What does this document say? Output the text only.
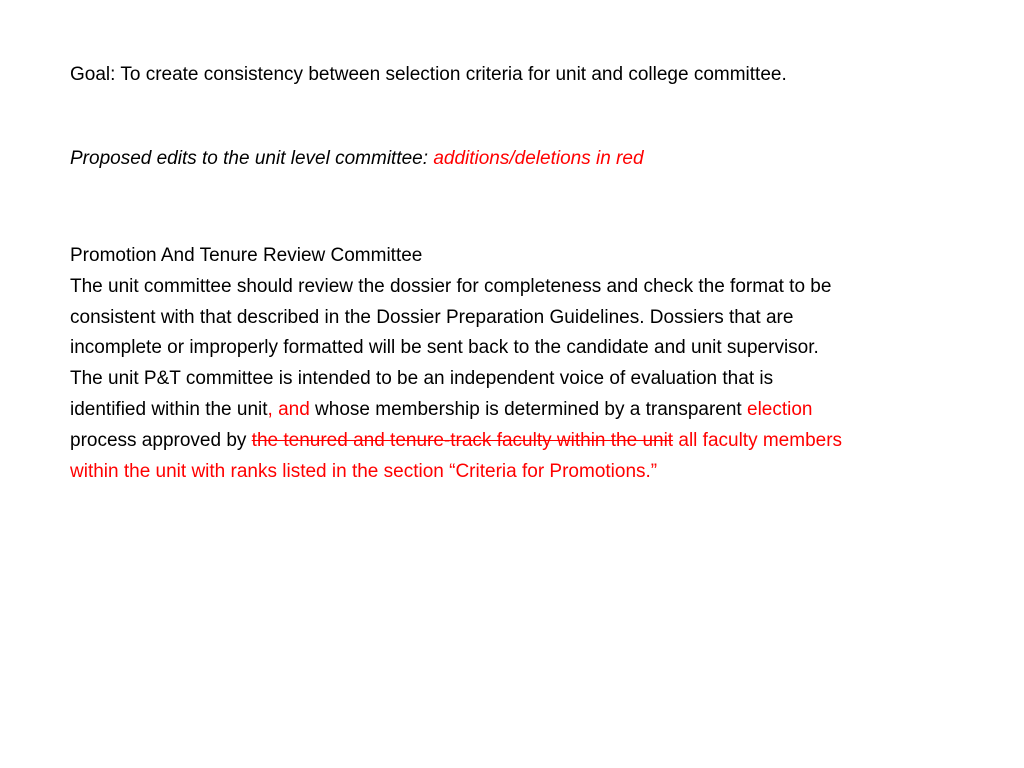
Goal: To create consistency between selection criteria for unit and college committee.
Proposed edits to the unit level committee: additions/deletions in red
Promotion And Tenure Review Committee
The unit committee should review the dossier for completeness and check the format to be consistent with that described in the Dossier Preparation Guidelines. Dossiers that are incomplete or improperly formatted will be sent back to the candidate and unit supervisor. The unit P&T committee is intended to be an independent voice of evaluation that is identified within the unit, and whose membership is determined by a transparent election process approved by the tenured and tenure-track faculty within the unit all faculty members within the unit with ranks listed in the section “Criteria for Promotions.”
